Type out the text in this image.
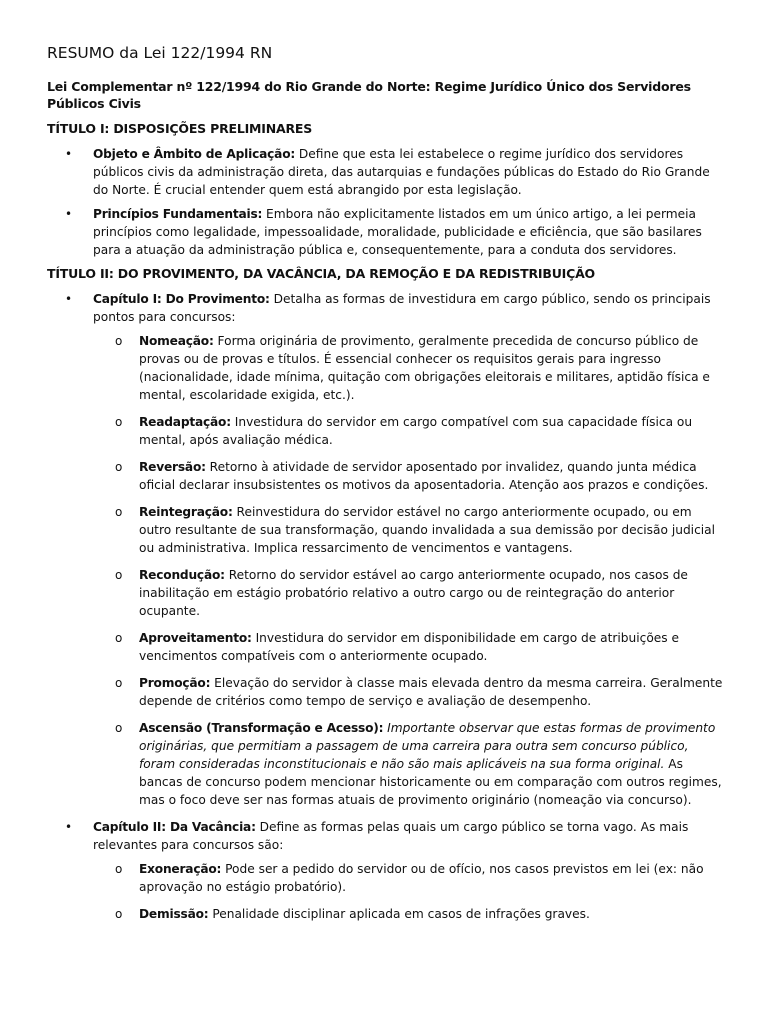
RESUMO da Lei 122/1994 RN

Lei Complementar nº 122/1994 do Rio Grande do Norte: Regime Jurídico Único dos Servidores Públicos Civis

TÍTULO I: DISPOSIÇÕES PRELIMINARES

• Objeto e Âmbito de Aplicação: Define que esta lei estabelece o regime jurídico dos servidores públicos civis da administração direta, das autarquias e fundações públicas do Estado do Rio Grande do Norte. É crucial entender quem está abrangido por esta legislação.
• Princípios Fundamentais: Embora não explicitamente listados em um único artigo, a lei permeia princípios como legalidade, impessoalidade, moralidade, publicidade e eficiência, que são basilares para a atuação da administração pública e, consequentemente, para a conduta dos servidores.

TÍTULO II: DO PROVIMENTO, DA VACÂNCIA, DA REMOÇÃO E DA REDISTRIBUIÇÃO

• Capítulo I: Do Provimento: Detalha as formas de investidura em cargo público, sendo os principais pontos para concursos:
o Nomeação: Forma originária de provimento, geralmente precedida de concurso público de provas ou de provas e títulos. É essencial conhecer os requisitos gerais para ingresso (nacionalidade, idade mínima, quitação com obrigações eleitorais e militares, aptidão física e mental, escolaridade exigida, etc.).
o Readaptação: Investidura do servidor em cargo compatível com sua capacidade física ou mental, após avaliação médica.
o Reversão: Retorno à atividade de servidor aposentado por invalidez, quando junta médica oficial declarar insubsistentes os motivos da aposentadoria. Atenção aos prazos e condições.
o Reintegração: Reinvestidura do servidor estável no cargo anteriormente ocupado, ou em outro resultante de sua transformação, quando invalidada a sua demissão por decisão judicial ou administrativa. Implica ressarcimento de vencimentos e vantagens.
o Recondução: Retorno do servidor estável ao cargo anteriormente ocupado, nos casos de inabilitação em estágio probatório relativo a outro cargo ou de reintegração do anterior ocupante.
o Aproveitamento: Investidura do servidor em disponibilidade em cargo de atribuições e vencimentos compatíveis com o anteriormente ocupado.
o Promoção: Elevação do servidor à classe mais elevada dentro da mesma carreira. Geralmente depende de critérios como tempo de serviço e avaliação de desempenho.
o Ascensão (Transformação e Acesso): Importante observar que estas formas de provimento originárias, que permitiam a passagem de uma carreira para outra sem concurso público, foram consideradas inconstitucionais e não são mais aplicáveis na sua forma original. As bancas de concurso podem mencionar historicamente ou em comparação com outros regimes, mas o foco deve ser nas formas atuais de provimento originário (nomeação via concurso).
• Capítulo II: Da Vacância: Define as formas pelas quais um cargo público se torna vago. As mais relevantes para concursos são:
o Exoneração: Pode ser a pedido do servidor ou de ofício, nos casos previstos em lei (ex: não aprovação no estágio probatório).
o Demissão: Penalidade disciplinar aplicada em casos de infrações graves.
